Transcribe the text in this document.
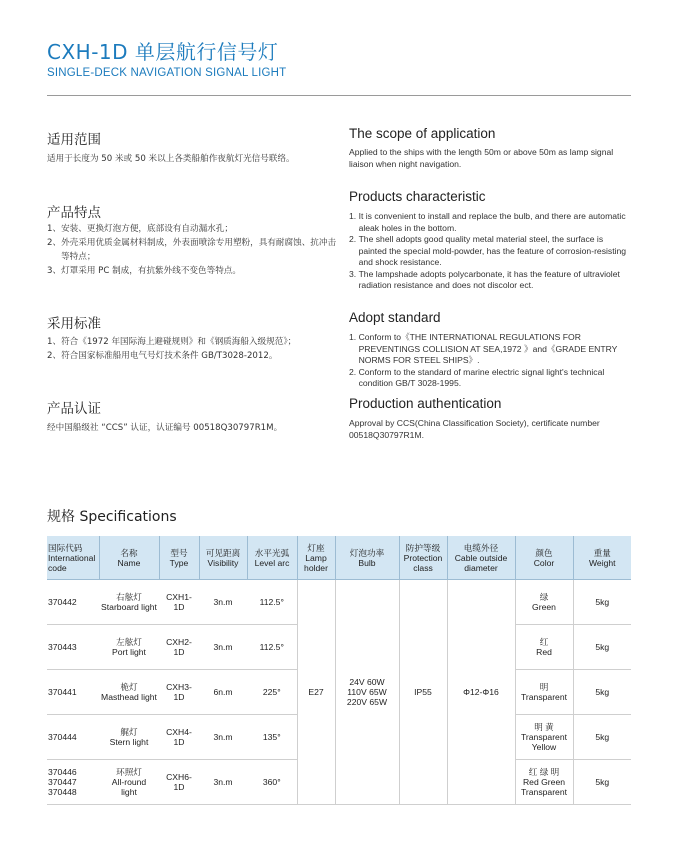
CXH-1D 单层航行信号灯
SINGLE-DECK NAVIGATION SIGNAL LIGHT
适用范围
适用于长度为 50 米或 50 米以上各类船舶作夜航灯光信号联络。
产品特点
1、 安装、更换灯泡方便，底部设有自动漏水孔；
2、 外壳采用优质金属材料制成，外表面喷涂专用塑粉，具有耐腐蚀、抗冲击等特点；
3、 灯罩采用 PC 制成，有抗紫外线不变色等特点。
采用标准
1、 符合《1972 年国际海上避碰规则》和《钢质海船入级规范》；
2、 符合国家标准船用电气号灯技术条件 GB/T3028-2012。
产品认证
经中国船级社 “CCS” 认证，认证编号 00518Q30797R1M。
The scope of application
Applied to the ships with the length 50m or above 50m as lamp signal liaison when night navigation.
Products characteristic
1. It is convenient to install and replace the bulb, and there are automatic aleak holes in the bottom.
2. The shell adopts good quality metal material steel, the surface is painted the special mold-powder, has the feature of corrosion-resisting and shock resistance.
3. The lampshade adopts polycarbonate, it has the feature of ultraviolet radiation resistance and does not discolor ect.
Adopt standard
1. Conform to《THE INTERNATIONAL REGULATIONS FOR PREVENTINGS COLLISION AT SEA,1972 》and《GRADE ENTRY NORMS FOR STEEL SHIPS》.
2. Conform to the standard of marine electric signal light's technical condition GB/T 3028-1995.
Production authentication
Approval by CCS(China Classification Society), certificate number 00518Q30797R1M.
规格 Specifications
国际代码
International
code	名称
Name	型号
Type	可见距离
Visibility	水平光弧
Level arc	灯座
Lamp
holder	灯泡功率
Bulb	防护等级
Protection
class	电缆外径
Cable outside
diameter	颜色
Color	重量
Weight

370442	右舷灯
Starboard light	CXH1-1D	3n.m	112.5°	E27	24V 60W
110V 65W
220V 65W	IP55	Φ12-Φ16	绿
Green	5kg

370443	左舷灯
Port light	CXH2-1D	3n.m	112.5°					红
Red	5kg

370441	桅灯
Masthead light	CXH3-1D	6n.m	225°					明
Transparent	5kg

370444	艉灯
Stern light	CXH4-1D	3n.m	135°					明 黄
Transparent
Yellow	5kg

370446
370447
370448	环照灯
All-round
light	CXH6-1D	3n.m	360°					红 绿 明
Red Green
Transparent	5kg
